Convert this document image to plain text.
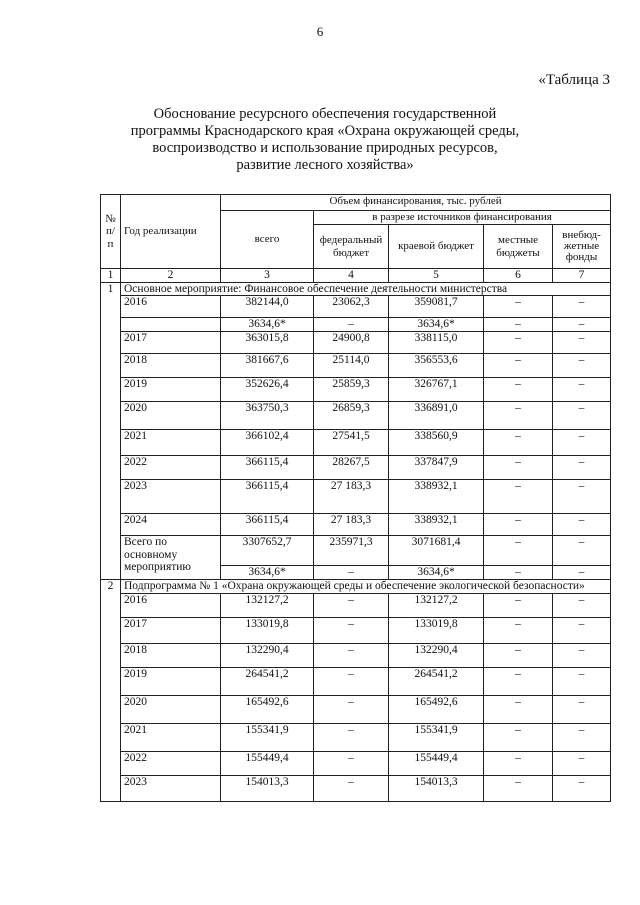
6
«Таблица 3
Обоснование ресурсного обеспечения государственной
программы Краснодарского края «Охрана окружающей среды,
воспроизводство и использование природных ресурсов,
развитие лесного хозяйства»
№ п/п	Год реализации	Объем финансирования, тыс. рублей				
		всего	в разрезе источников финансирования			
			федеральный бюджет	краевой бюджет	местные бюджеты	внебюд-жетные фонды
1	2	3	4	5	6	7
1	Основное мероприятие: Финансовое обеспечение деятельности министерства					
	2016	382144,0	23062,3	359081,7	–	–
		3634,6*	–	3634,6*	–	–
	2017	363015,8	24900,8	338115,0	–	–
	2018	381667,6	25114,0	356553,6	–	–
	2019	352626,4	25859,3	326767,1	–	–
	2020	363750,3	26859,3	336891,0	–	–
	2021	366102,4	27541,5	338560,9	–	–
	2022	366115,4	28267,5	337847,9	–	–
	2023	366115,4	27 183,3	338932,1	–	–
	2024	366115,4	27 183,3	338932,1	–	–

	Всего по
основному
мероприятию	3307652,7	235971,3	3071681,4	–	–
		3634,6*	–	3634,6*	–	–
2	Подпрограмма № 1 «Охрана окружающей среды и обеспечение экологической безопасности»					
	2016	132127,2	–	132127,2	–	–
	2017	133019,8	–	133019,8	–	–
	2018	132290,4	–	132290,4	–	–
	2019	264541,2	–	264541,2	–	–
	2020	165492,6	–	165492,6	–	–
	2021	155341,9	–	155341,9	–	–
	2022	155449,4	–	155449,4	–	–
	2023	154013,3	–	154013,3	–	–
